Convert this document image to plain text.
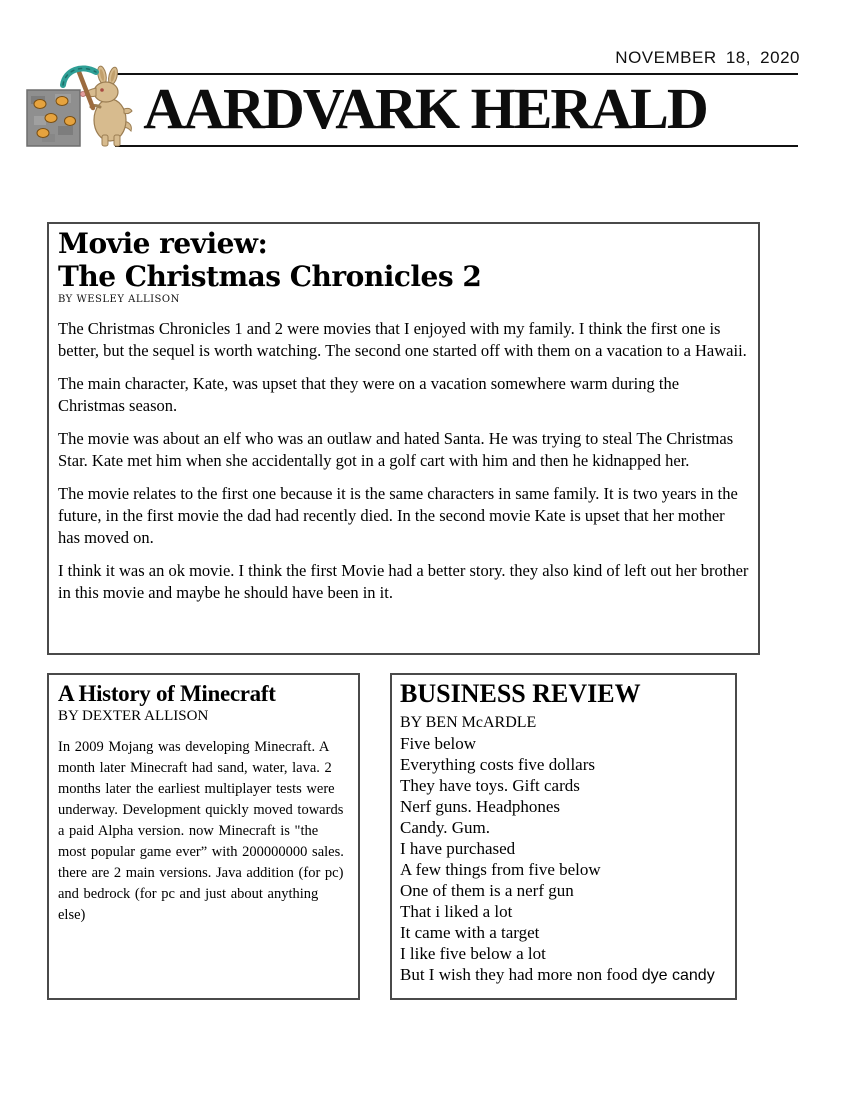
NOVEMBER 18, 2020
AARDVARK HERALD
Movie review:
The Christmas Chronicles 2
BY WESLEY ALLISON

The Christmas Chronicles 1 and 2 were movies that I enjoyed with my family. I think the first one is better, but the sequel is worth watching. The second one started off with them on a vacation to a Hawaii.

The main character, Kate, was upset that they were on a vacation somewhere warm during the Christmas season.

The movie was about an elf who was an outlaw and hated Santa. He was trying to steal The Christmas Star. Kate met him when she accidentally got in a golf cart with him and then he kidnapped her.

The movie relates to the first one because it is the same characters in same family. It is two years in the future, in the first movie the dad had recently died. In the second movie Kate is upset that her mother has moved on.

I think it was an ok movie. I think the first Movie had a better story. they also kind of left out her brother in this movie and maybe he should have been in it.

A History of Minecraft
BY DEXTER ALLISON
In 2009 Mojang was developing Minecraft. A month later Minecraft had sand, water, lava. 2 months later the earliest multiplayer tests were underway. Development quickly moved towards a paid Alpha version. now Minecraft is "the most popular game ever” with 200000000 sales. there are 2 main versions. Java addition (for pc) and bedrock (for pc and just about anything else)
BUSINESS REVIEW
BY BEN McARDLE
Five below
Everything costs five dollars
They have toys. Gift cards
Nerf guns. Headphones
Candy. Gum.
I have purchased
A few things from five below
One of them is a nerf gun
That i liked a lot
It came with a target
I like five below a lot
But I wish they had more non food dye candy
